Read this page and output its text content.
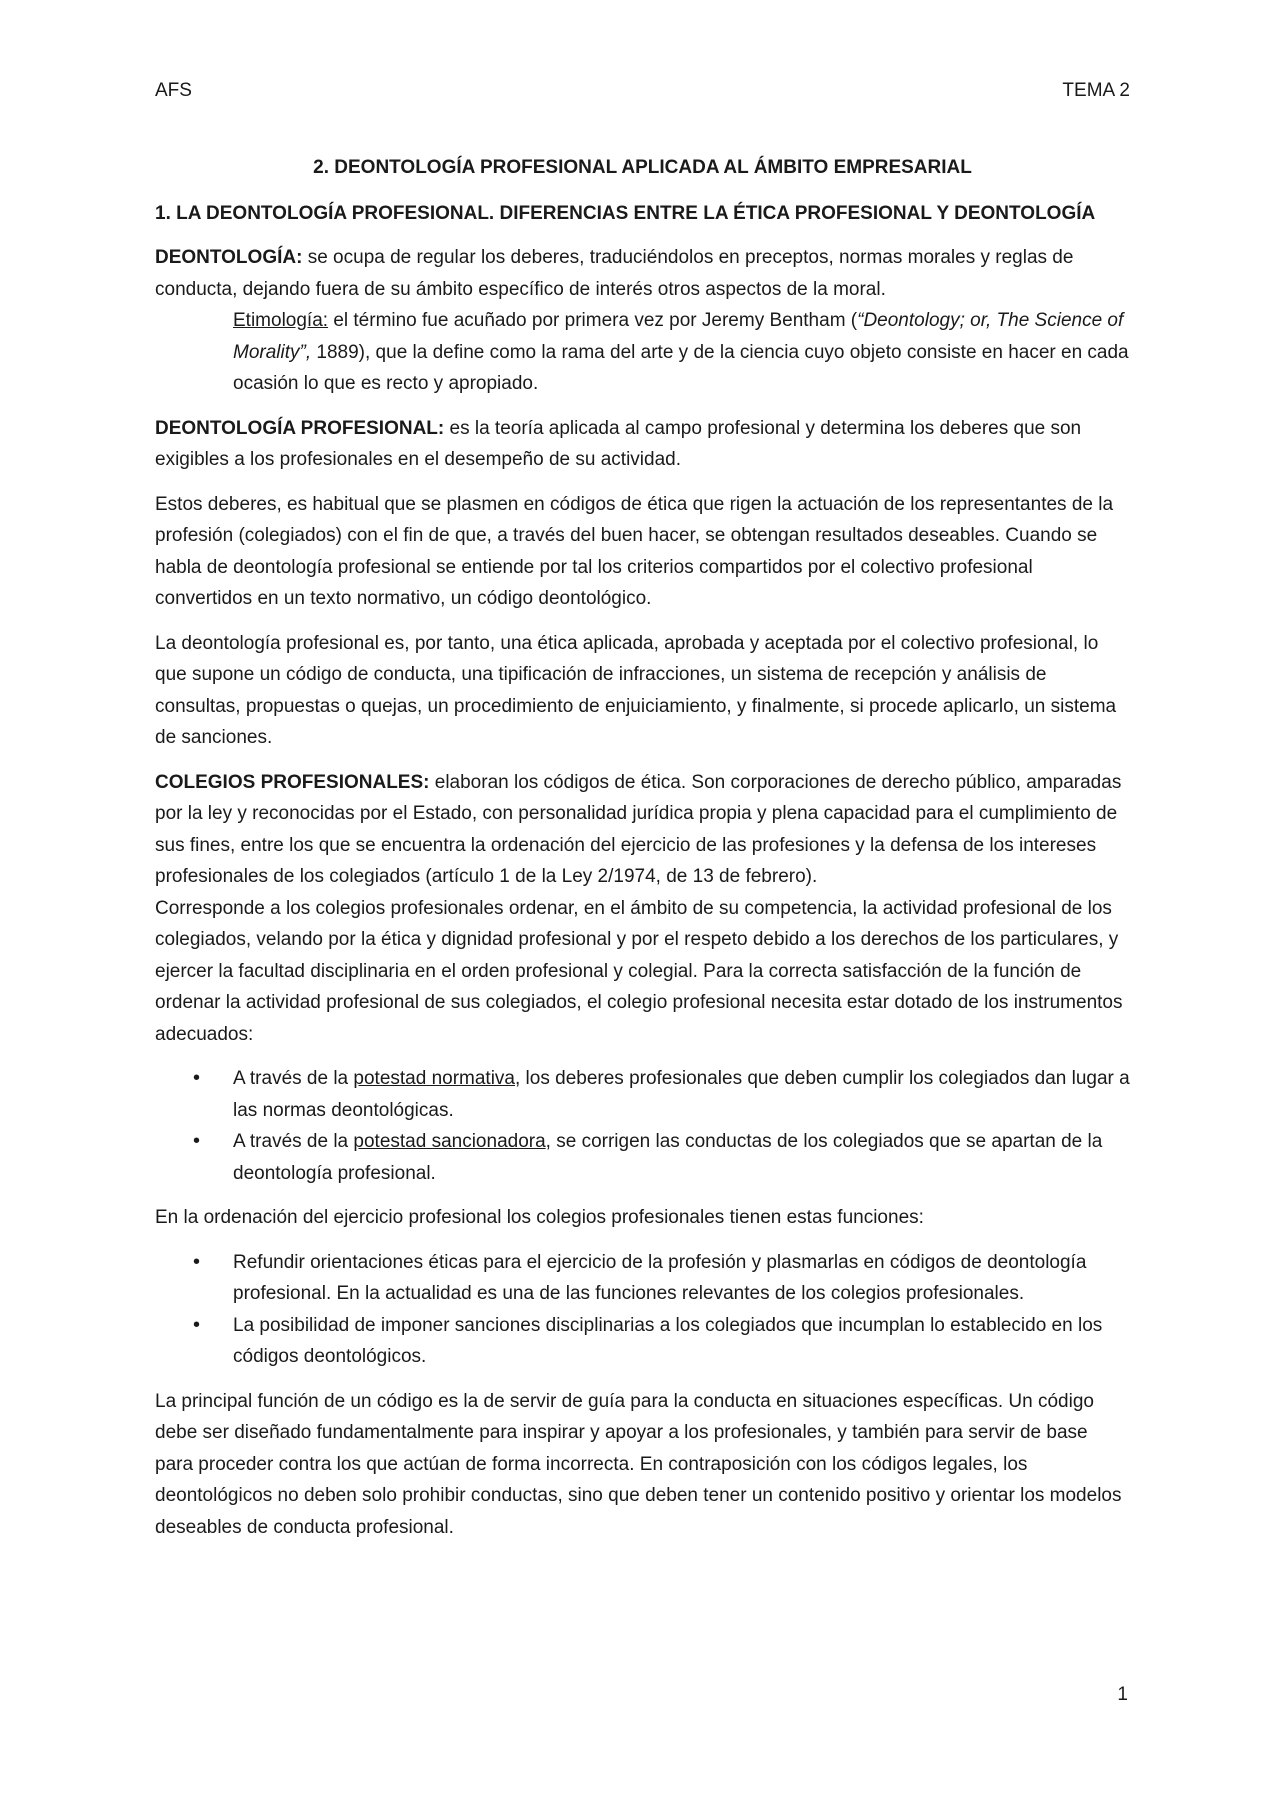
AFS	TEMA 2

2. DEONTOLOGÍA PROFESIONAL APLICADA AL ÁMBITO EMPRESARIAL

1. LA DEONTOLOGÍA PROFESIONAL. DIFERENCIAS ENTRE LA ÉTICA PROFESIONAL Y DEONTOLOGÍA

DEONTOLOGÍA: se ocupa de regular los deberes, traduciéndolos en preceptos, normas morales y reglas de conducta, dejando fuera de su ámbito específico de interés otros aspectos de la moral.

Etimología: el término fue acuñado por primera vez por Jeremy Bentham (“Deontology; or, The Science of Morality”, 1889), que la define como la rama del arte y de la ciencia cuyo objeto consiste en hacer en cada ocasión lo que es recto y apropiado.

DEONTOLOGÍA PROFESIONAL: es la teoría aplicada al campo profesional y determina los deberes que son exigibles a los profesionales en el desempeño de su actividad.

Estos deberes, es habitual que se plasmen en códigos de ética que rigen la actuación de los representantes de la profesión (colegiados) con el fin de que, a través del buen hacer, se obtengan resultados deseables. Cuando se habla de deontología profesional se entiende por tal los criterios compartidos por el colectivo profesional convertidos en un texto normativo, un código deontológico.

La deontología profesional es, por tanto, una ética aplicada, aprobada y aceptada por el colectivo profesional, lo que supone un código de conducta, una tipificación de infracciones, un sistema de recepción y análisis de consultas, propuestas o quejas, un procedimiento de enjuiciamiento, y finalmente, si procede aplicarlo, un sistema de sanciones.

COLEGIOS PROFESIONALES: elaboran los códigos de ética. Son corporaciones de derecho público, amparadas por la ley y reconocidas por el Estado, con personalidad jurídica propia y plena capacidad para el cumplimiento de sus fines, entre los que se encuentra la ordenación del ejercicio de las profesiones y la defensa de los intereses profesionales de los colegiados (artículo 1 de la Ley 2/1974, de 13 de febrero).

Corresponde a los colegios profesionales ordenar, en el ámbito de su competencia, la actividad profesional de los colegiados, velando por la ética y dignidad profesional y por el respeto debido a los derechos de los particulares, y ejercer la facultad disciplinaria en el orden profesional y colegial. Para la correcta satisfacción de la función de ordenar la actividad profesional de sus colegiados, el colegio profesional necesita estar dotado de los instrumentos adecuados:

• A través de la potestad normativa, los deberes profesionales que deben cumplir los colegiados dan lugar a las normas deontológicas.
• A través de la potestad sancionadora, se corrigen las conductas de los colegiados que se apartan de la deontología profesional.

En la ordenación del ejercicio profesional los colegios profesionales tienen estas funciones:

• Refundir orientaciones éticas para el ejercicio de la profesión y plasmarlas en códigos de deontología profesional. En la actualidad es una de las funciones relevantes de los colegios profesionales.
• La posibilidad de imponer sanciones disciplinarias a los colegiados que incumplan lo establecido en los códigos deontológicos.

La principal función de un código es la de servir de guía para la conducta en situaciones específicas. Un código debe ser diseñado fundamentalmente para inspirar y apoyar a los profesionales, y también para servir de base para proceder contra los que actúan de forma incorrecta. En contraposición con los códigos legales, los deontológicos no deben solo prohibir conductas, sino que deben tener un contenido positivo y orientar los modelos deseables de conducta profesional.

1
